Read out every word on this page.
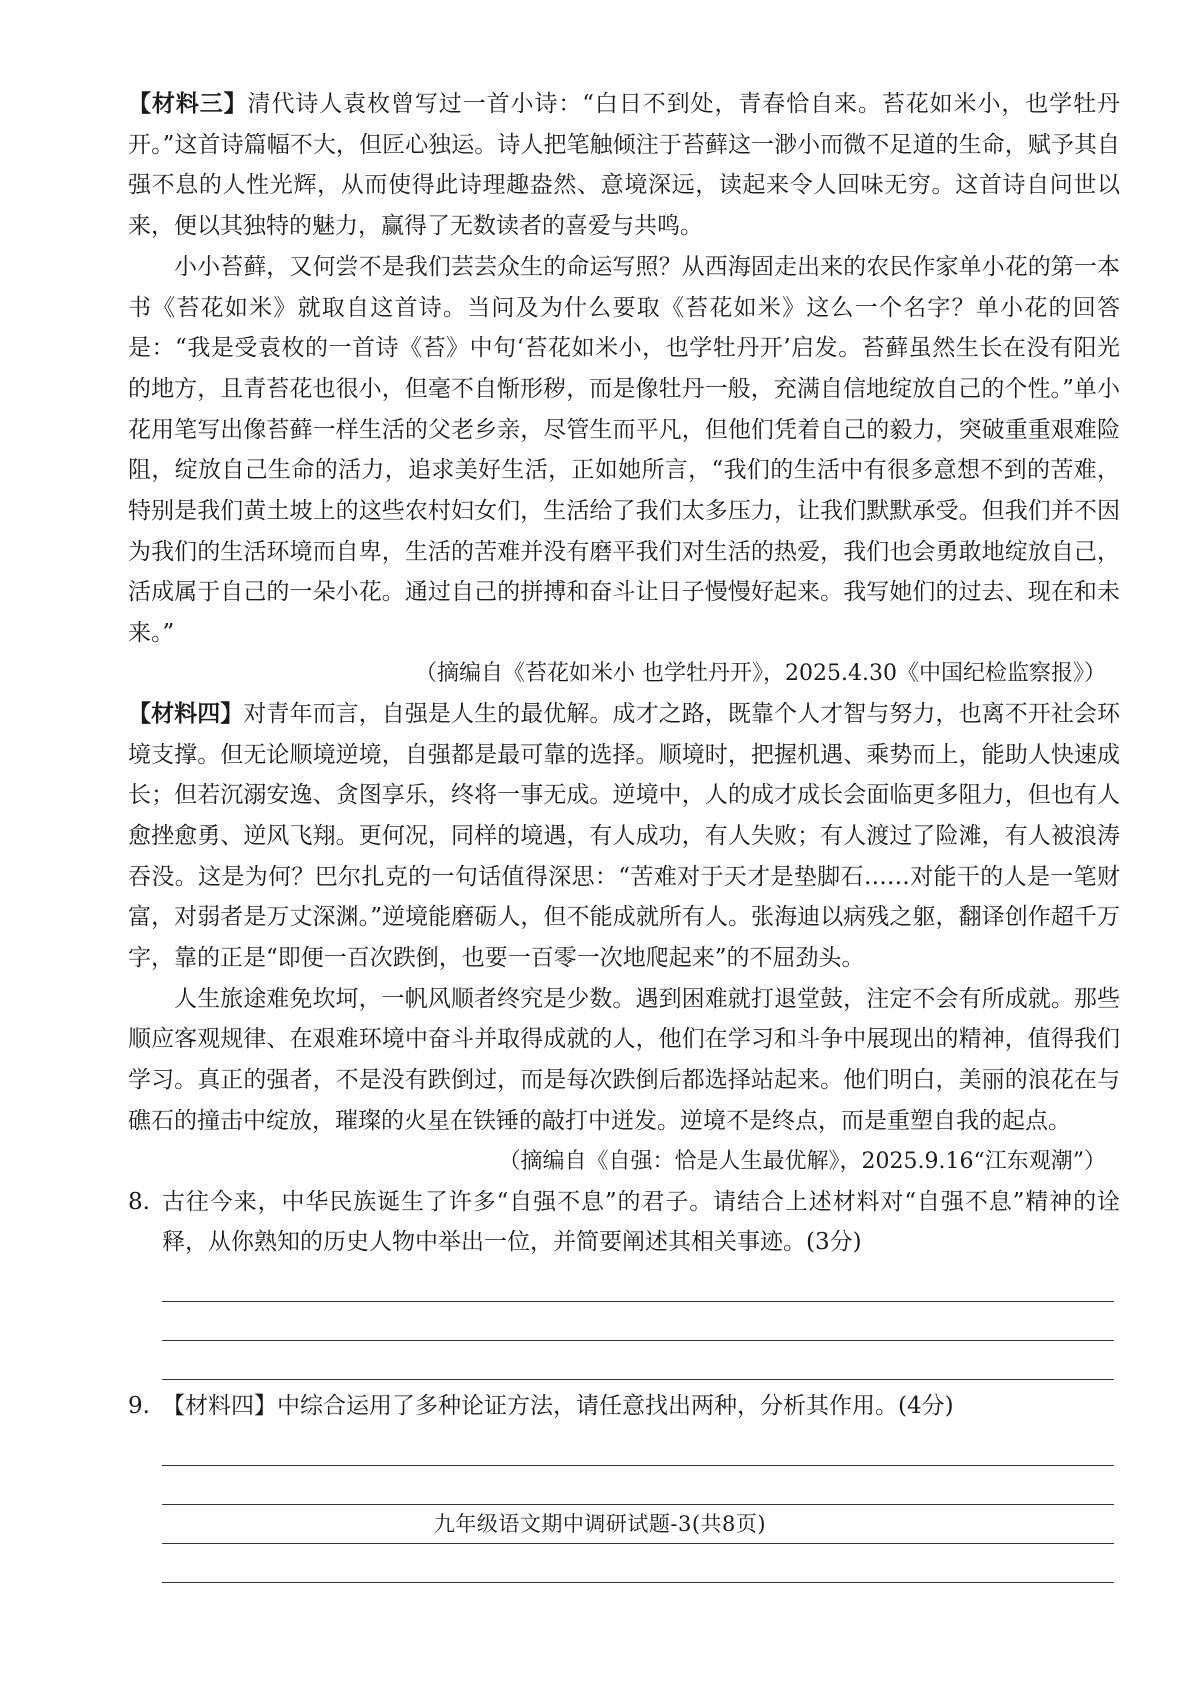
【材料三】清代诗人袁枚曾写过一首小诗：“白日不到处，青春恰自来。苔花如米小，也学牡丹开。”这首诗篇幅不大，但匠心独运。诗人把笔触倾注于苔藓这一渺小而微不足道的生命，赋予其自强不息的人性光辉，从而使得此诗理趣盎然、意境深远，读起来令人回味无穷。这首诗自问世以来，便以其独特的魅力，赢得了无数读者的喜爱与共鸣。

小小苔藓，又何尝不是我们芸芸众生的命运写照？从西海固走出来的农民作家单小花的第一本书《苔花如米》就取自这首诗。当问及为什么要取《苔花如米》这么一个名字？单小花的回答是：“我是受袁枚的一首诗《苔》中句‘苔花如米小，也学牡丹开’启发。苔藓虽然生长在没有阳光的地方，且青苔花也很小，但毫不自惭形秽，而是像牡丹一般，充满自信地绽放自己的个性。”单小花用笔写出像苔藓一样生活的父老乡亲，尽管生而平凡，但他们凭着自己的毅力，突破重重艰难险阻，绽放自己生命的活力，追求美好生活，正如她所言，“我们的生活中有很多意想不到的苦难，特别是我们黄土坡上的这些农村妇女们，生活给了我们太多压力，让我们默默承受。但我们并不因为我们的生活环境而自卑，生活的苦难并没有磨平我们对生活的热爱，我们也会勇敢地绽放自己，活成属于自己的一朵小花。通过自己的拼搏和奋斗让日子慢慢好起来。我写她们的过去、现在和未来。”

（摘编自《苔花如米小 也学牡丹开》，2025.4.30《中国纪检监察报》）

【材料四】对青年而言，自强是人生的最优解。成才之路，既靠个人才智与努力，也离不开社会环境支撑。但无论顺境逆境，自强都是最可靠的选择。顺境时，把握机遇、乘势而上，能助人快速成长；但若沉溺安逸、贪图享乐，终将一事无成。逆境中，人的成才成长会面临更多阻力，但也有人愈挫愈勇、逆风飞翔。更何况，同样的境遇，有人成功，有人失败；有人渡过了险滩，有人被浪涛吞没。这是为何？巴尔扎克的一句话值得深思：“苦难对于天才是垫脚石……对能干的人是一笔财富，对弱者是万丈深渊。”逆境能磨砺人，但不能成就所有人。张海迪以病残之躯，翻译创作超千万字，靠的正是“即便一百次跌倒，也要一百零一次地爬起来”的不屈劲头。

人生旅途难免坎坷，一帆风顺者终究是少数。遇到困难就打退堂鼓，注定不会有所成就。那些顺应客观规律、在艰难环境中奋斗并取得成就的人，他们在学习和斗争中展现出的精神，值得我们学习。真正的强者，不是没有跌倒过，而是每次跌倒后都选择站起来。他们明白，美丽的浪花在与礁石的撞击中绽放，璀璨的火星在铁锤的敲打中迸发。逆境不是终点，而是重塑自我的起点。

（摘编自《自强：恰是人生最优解》，2025.9.16“江东观潮”）

8. 古往今来，中华民族诞生了许多“自强不息”的君子。请结合上述材料对“自强不息”精神的诠释，从你熟知的历史人物中举出一位，并简要阐述其相关事迹。(3分)
9. 【材料四】中综合运用了多种论证方法，请任意找出两种，分析其作用。(4分)
九年级语文期中调研试题-3(共8页)
